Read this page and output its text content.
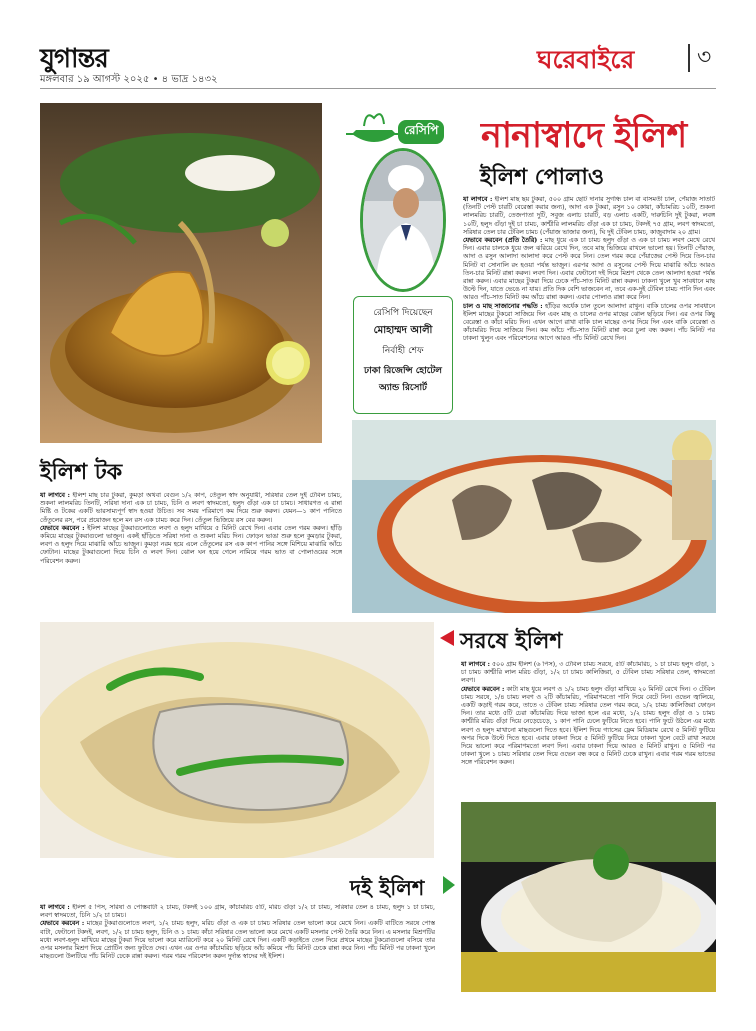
যুগান্তর
মঙ্গলবার ১৯ আগস্ট ২০২৫ • ৪ ভাদ্র ১৪৩২
ঘরেবাইরে	৩
রেসিপি নানাস্বাদে ইলিশ
রেসিপি দিয়েছেন
মোহাম্মদ আলী
নির্বাহী শেফ
ঢাকা রিজেন্সি হোটেল
অ্যান্ড রিসোর্ট
ইলিশ পোলাও
যা লাগবে : ইলিশ মাছ ছয় টুকরা, ৫০০ গ্রাম ছোট দানার সুগন্ধি চাল বা বাসমতী চাল, পেঁয়াজ সাতটি (তিনটি পেস্ট চারটি বেরেস্তা করার জন্য), আদা এক টুকরা, রসুন ১০ কোয়া, কাঁচামরিচ ১০টি, শুকনা লালমরিচ চারটি, তেজপাতা দুটি, সবুজ এলাচ চারটি, বড় এলাচ একটি, দারুচিনি দুই টুকরা, লবঙ্গ ১০টি, হলুদ গুঁড়া দুই চা চামচ, কাশ্মীরি লালমরিচ গুঁড়া এক চা চামচ, টকদই ৭৫ গ্রাম, লবণ স্বাদমতো, সরিষার তেল চার টেবিল চামচ (পেঁয়াজ ভাজার জন্য), ঘি দুই টেবিল চামচ, কাজুবাদাম ২০ গ্রাম।
যেভাবে করবেন (প্রতি তৈরি) : মাছ ধুয়ে এক চা চামচ হলুদ গুঁড়া ও এক চা চামচ লবণ মেখে রেখে দিন। এবার চালকে ধুয়ে জল ঝরিয়ে রেখে দিন, তবে মাছ ভিজিয়ে রাখলে ভালো হয়। তিনটি পেঁয়াজ, আদা ও রসুন আলাদা আলাদা করে পেস্ট করে নিন। তেল গরম করে পেঁয়াজের পেস্ট দিয়ে তিন-চার মিনিট বা সোনালি রং হওয়া পর্যন্ত ভাজুন। এরপর আদা ও রসুনের পেস্ট দিয়ে মাঝারি আঁচে আরও তিন-চার মিনিট রান্না করুন। লবণ দিন। এবার ফেটানো দই দিয়ে মিশ্রণ থেকে তেল আলাদা হওয়া পর্যন্ত রান্না করুন। এবার মাছের টুকরা দিয়ে ঢেকে পাঁচ-সাত মিনিট রান্না করুন। ঢাকনা খুলে খুব সাবধানে মাছ উল্টে দিন, যাতে ভেঙে না যায়। প্রতি দিক বেশি ভাজবেন না, তবে এক-দুই টেবিল চামচ পানি দিন এবং আরও পাঁচ-সাত মিনিট কম আঁচে রান্না করুন। এবার পোলাও রান্না করে নিন।
চাল ও মাছ সাজানোর পদ্ধতি : হাঁড়ির অর্ধেক চাল তুলে আলাদা রাখুন। বাকি চালের ওপর সাবধানে ইলিশ মাছের টুকরো সাজিয়ে দিন এবং মাছ ও চালের ওপর মাছের ঝোল ছড়িয়ে দিন। এর ওপর কিছু বেরেস্তা ও কাঁচা মরিচ দিন। এখন আগে রাখা বাকি চাল মাছের ওপর দিয়ে দিন এবং বাকি বেরেস্তা ও কাঁচামরিচ দিয়ে সাজিয়ে দিন। কম আঁচে পাঁচ-সাত মিনিট রান্না করে চুলা বন্ধ করুন। পাঁচ মিনিট পর ঢাকনা খুলুন এবং পরিবেশনের আগে আরও পাঁচ মিনিট রেখে দিন।
ইলিশ টক
যা লাগবে : ইলিশ মাছ চার টুকরা, কুমড়া অথবা বেগুন ১/২ কাপ, তেঁতুল স্বাদ অনুযায়ী, সরিষার তেল দুই টেবিল চামচ, শুকনা লালমরিচ তিনটি, সরিষা দানা এক চা চামচ, চিনি ও লবণ স্বাদমতো, হলুদ গুঁড়া এক চা চামচ। সাধারণত এ রান্না মিষ্টি ও টকের একটি ভারসাম্যপূর্ণ স্বাদ হওয়া উচিত। সব সময় পরিমাণে কম দিয়ে শুরু করুন। যেমন—১ কাপ পানিতে তেঁতুলের রস, পরে প্রয়োজন হলে মন রস এক চামচ করে দিন। তেঁতুল ভিজিয়ে রস বের করুন।
যেভাবে করবেন : ইলিশ মাছের টুকরাগুলোতে লবণ ও হলুদ মাখিয়ে ৫ মিনিট রেখে দিন। এবার তেল গরম করুন। হাঁড়ি কমিয়ে মাছের টুকরাগুলো ভাজুন। একই হাঁড়িতে সরিষা দানা ও শুকনা মরিচ দিন। ফোড়ন ভাঙা শুরু হলে কুমড়ার টুকরা, লবণ ও হলুদ দিয়ে মাঝারি আঁচে ভাজুন। কুমড়া নরম হয়ে এলে তেঁতুলের রস এক কাপ পানির সঙ্গে মিশিয়ে মাঝারি আঁচে ফোটান। মাছের টুকরাগুলো দিয়ে চিনি ও লবণ দিন। ঝোল ঘন হয়ে গেলে নামিয়ে গরম ভাত বা পোলাওয়ের সঙ্গে পরিবেশন করুন।
সরষে ইলিশ
যা লাগবে : ৫০০ গ্রাম ইলিশ (৬ পিস), ৩ টেবিল চামচ সরষে, ৫টি কাঁচামরিচ, ১ চা চামচ হলুদ গুঁড়া, ১ চা চামচ কাশ্মীরি লাল মরিচ গুঁড়া, ১/২ চা চামচ কালিজিরা, ৫ টেবিল চামচ সরিষার তেল, স্বাদমতো লবণ।
যেভাবে করবেন : কাটা মাছ ধুয়ে লবণ ও ১/২ চামচ হলুদ গুঁড়া মাখিয়ে ২০ মিনিট রেখে দিন। ৩ টেবিল চামচ সরষে, ১/৪ চামচ লবণ ও ২টি কাঁচামরিচ, পরিমাণমতো পানি দিয়ে বেটে নিন। ওভেন জ্বালিয়ে, একটি কড়াই গরম করে, তাতে ৩ টেবিল চামচ সরিষার তেল গরম করে, ১/২ চামচ কালিজিরা ফোড়ন দিন। তার মধ্যে ৫টি চেরা কাঁচামরিচ দিয়ে ভাজা হলে এর মধ্যে, ১/২ চামচ হলুদ গুঁড়া ও ১ চামচ কাশ্মীরি মরিচ গুঁড়া দিয়ে নেড়েচেড়ে, ১ কাপ পানি ঢেলে ফুটিয়ে নিতে হবে। পানি ফুটে উঠলে এর মধ্যে লবণ ও হলুদ মাখানো মাছগুলো দিতে হবে। ইলিশ দিয়ে গ্যাসের ফ্লেম মিডিয়াম রেখে ৫ মিনিট ফুটিয়ে অপর দিকে উল্টে দিতে হবে। এবার ঢাকনা দিয়ে ৫ মিনিট ফুটিয়ে নিয়ে ঢাকনা খুলে বেটে রাখা সরষে দিয়ে ভালো করে পরিমাণমতো লবণ দিন। এবার ঢাকনা দিয়ে আরও ৫ মিনিট রাখুন। ৫ মিনিট পর ঢাকনা খুলে ১ চামচ সরিষার তেল দিয়ে ওভেন বন্ধ করে ৫ মিনিট ঢেকে রাখুন। এবার গরম গরম ভাতের সঙ্গে পরিবেশন করুন।
দই ইলিশ
যা লাগবে : ইলিশ ৫ পিস, সরিষা ও পোস্তবাটা ২ চামচ, টকদই ১০০ গ্রাম, কাঁচামরিচ ৫টি, মরিচ গুঁড়া ১/২ চা চামচ, সরিষার তেল ৪ চামচ, হলুদ ১ চা চামচ, লবণ স্বাদমতো, চিনি ১/২ চা চামচ।
যেভাবে করবেন : মাছের টুকরাগুলোতে লবণ, ১/২ চামচ হলুদ, মরিচ গুঁড়া ও এক চা চামচ সরিষার তেল ভালো করে মেখে নিন। একটি বাটিতে সরষে পোস্ত বাটা, ফেটানো টকদই, লবণ, ১/২ চা চামচ হলুদ, চিনি ও ১ চামচ কাঁচা সরিষার তেল ভালো করে মেখে একটি মসলার পেস্ট তৈরি করে নিন। এ মসলার মিশ্রণটির মধ্যে লবণ-হলুদ মাখিয়ে মাছের টুকরা দিয়ে ভালো করে ম্যারিনেট করে ২০ মিনিট রেখে দিন। একটি কড়াইতে তেল দিয়ে প্রথমে মাছের টুকরোগুলো বসিয়ে তার ওপর মসলার মিশ্রণ দিয়ে প্রোটিন জন্য ফুটতে দেব। এখন এর ওপর কাঁচামরিচ ছড়িয়ে আঁচ কমিয়ে পাঁচ মিনিট ঢেকে রান্না করে নিন। পাঁচ মিনিট পর ঢাকনা খুলে মাছগুলো উলটিয়ে পাঁচ মিনিট ঢেকে রান্না করুন। গরম গরম পরিবেশন করুন দুর্দান্ত স্বাদের দই ইলিশ।
